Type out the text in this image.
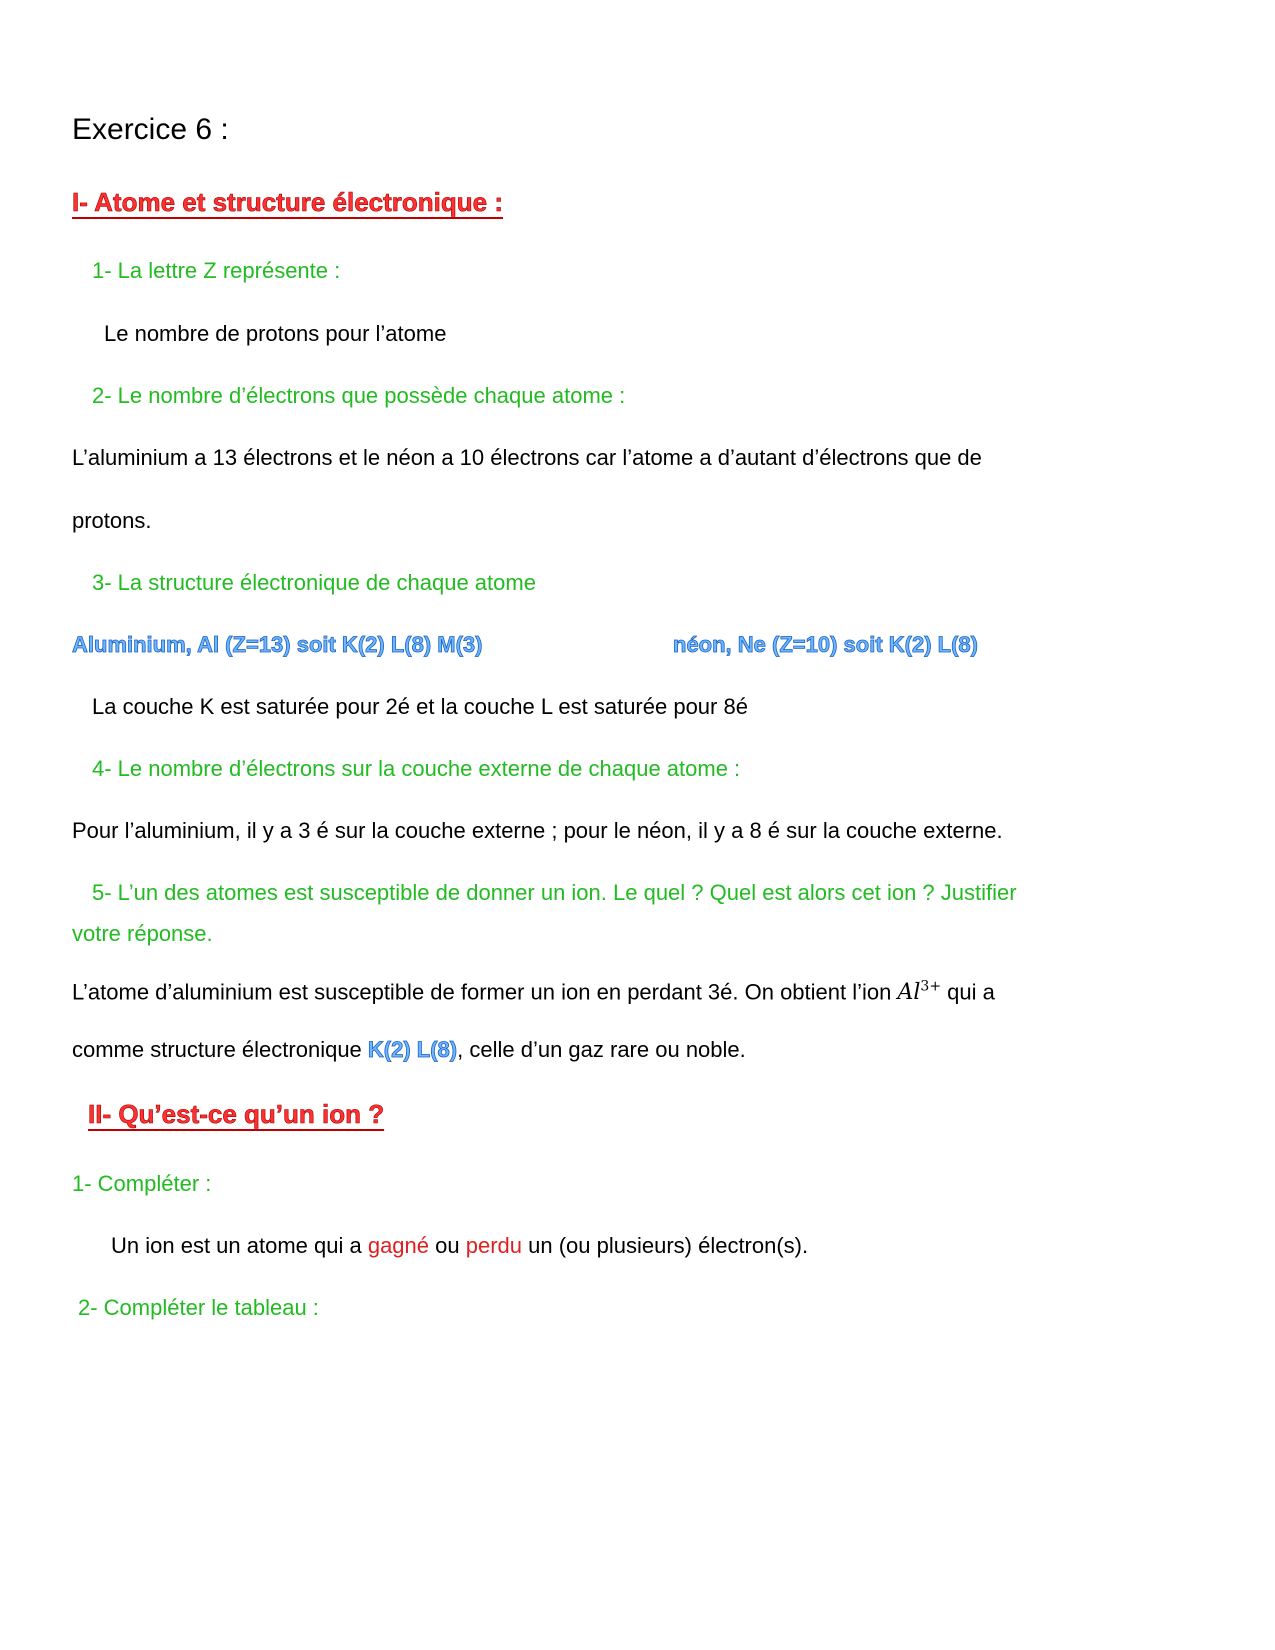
Exercice 6 :
I- Atome et structure électronique :
1- La lettre Z représente :
Le nombre de protons pour l’atome
2- Le nombre d’électrons que possède chaque atome :
L’aluminium a 13 électrons et le néon a 10 électrons car l’atome a d’autant d’électrons que de
protons.
3- La structure électronique de chaque atome
Aluminium, Al (Z=13) soit K(2) L(8) M(3)	néon, Ne (Z=10) soit K(2) L(8)
La couche K est saturée pour 2é et la couche L est saturée pour 8é
4- Le nombre d’électrons sur la couche externe de chaque atome :
Pour l’aluminium, il y a 3 é sur la couche externe ; pour le néon, il y a 8 é sur la couche externe.
5- L’un des atomes est susceptible de donner un ion. Le quel ? Quel est alors cet ion ? Justifier
votre réponse.
L’atome d’aluminium est susceptible de former un ion en perdant 3é. On obtient l’ion $Al^{3+}$ qui a
comme structure électronique K(2) L(8), celle d’un gaz rare ou noble.
II- Qu’est-ce qu’un ion ?
1- Compléter :
Un ion est un atome qui a gagné ou perdu un (ou plusieurs) électron(s).
2- Compléter le tableau :
